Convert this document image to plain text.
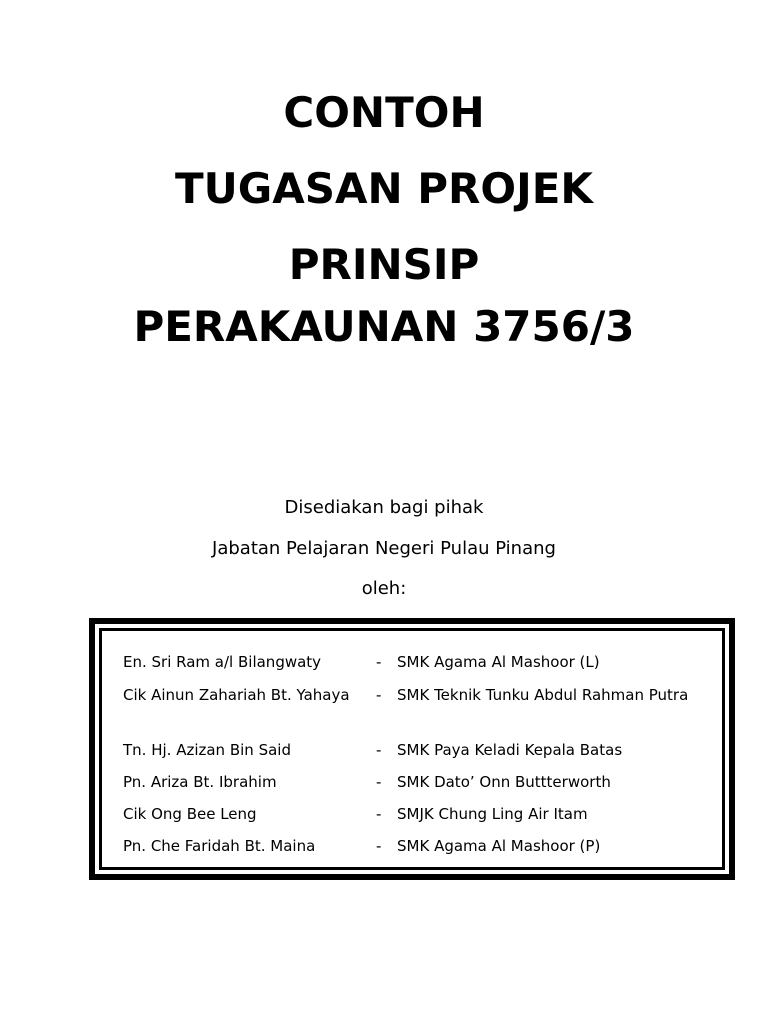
CONTOH
TUGASAN PROJEK
PRINSIP
PERAKAUNAN 3756/3
Disediakan bagi pihak
Jabatan Pelajaran Negeri Pulau Pinang
oleh:
En. Sri Ram a/l Bilangwaty	-	SMK Agama Al Mashoor (L)
Cik Ainun Zahariah Bt. Yahaya	-	SMK Teknik Tunku Abdul Rahman Putra
Tn. Hj. Azizan Bin Said	-	SMK Paya Keladi Kepala Batas
Pn. Ariza Bt. Ibrahim	-	SMK Dato’ Onn Buttterworth
Cik Ong Bee Leng	-	SMJK Chung Ling Air Itam
Pn. Che Faridah Bt. Maina	-	SMK Agama Al Mashoor (P)
